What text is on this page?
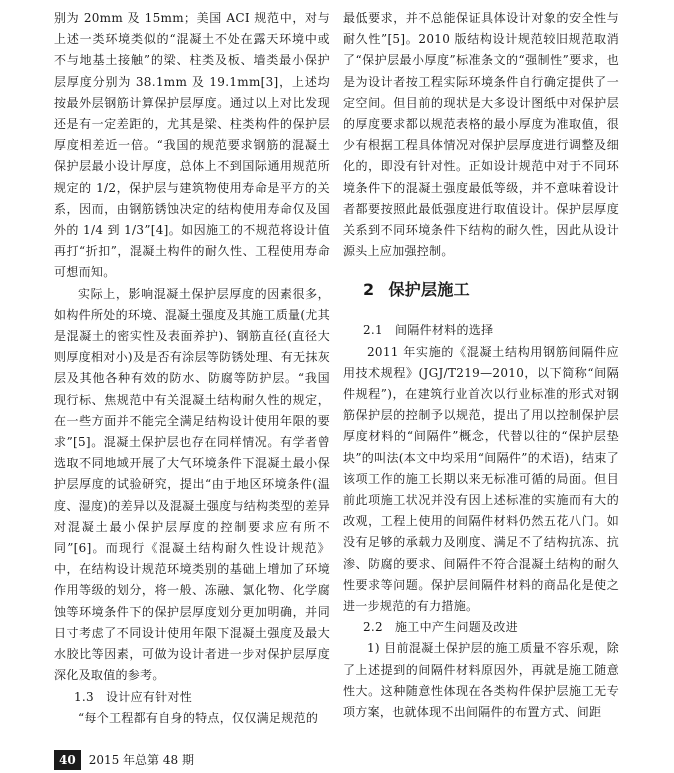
别为 20mm 及 15mm；美国 ACI 规范中，对与上述一类环境类似的“混凝土不处在露天环境中或不与地基土接触”的梁、柱类及板、墙类最小保护层厚度分别为 38.1mm 及 19.1mm[3]，上述均按最外层钢筋计算保护层厚度。通过以上对比发现还是有一定差距的，尤其是梁、柱类构件的保护层厚度相差近一倍。“我国的规范要求钢筋的混凝土保护层最小设计厚度，总体上不到国际通用规范所规定的 1/2，保护层与建筑物使用寿命是平方的关系，因而，由钢筋锈蚀决定的结构使用寿命仅及国外的 1/4 到 1/3”[4]。如因施工的不规范将设计值再打“折扣”，混凝土构件的耐久性、工程使用寿命可想而知。

实际上，影响混凝土保护层厚度的因素很多，如构件所处的环境、混凝土强度及其施工质量(尤其是混凝土的密实性及表面养护)、钢筋直径(直径大则厚度相对小)及是否有涂层等防锈处理、有无抹灰层及其他各种有效的防水、防腐等防护层。“我国现行标、焦规范中有关混凝土结构耐久性的规定，在一些方面并不能完全满足结构设计使用年限的要求”[5]。混凝土保护层也存在同样情况。有学者曾选取不同地域开展了大气环境条件下混凝土最小保护层厚度的试验研究，提出“由于地区环境条件(温度、湿度)的差异以及混凝土强度与结构类型的差异对混凝土最小保护层厚度的控制要求应有所不同”[6]。而现行《混凝土结构耐久性设计规范》中，在结构设计规范环境类别的基础上增加了环境作用等级的划分，将一般、冻融、氯化物、化学腐蚀等环境条件下的保护层厚度划分更加明确，并同日寸考虑了不同设计使用年限下混凝土强度及最大水胶比等因素，可做为设计者进一步对保护层厚度深化及取值的参考。

1.3 设计应有针对性

“每个工程都有自身的特点，仅仅满足规范的

最低要求，并不总能保证具体设计对象的安全性与耐久性”[5]。2010 版结构设计规范较旧规范取消了“保护层最小厚度”标准条文的“强制性”要求，也是为设计者按工程实际环境条件自行确定提供了一定空间。但目前的现状是大多设计图纸中对保护层的厚度要求都以规范表格的最小厚度为准取值，很少有根据工程具体情况对保护层厚度进行调整及细化的，即没有针对性。正如设计规范中对于不同环境条件下的混凝土强度最低等级，并不意味着设计者都要按照此最低强度进行取值设计。保护层厚度关系到不同环境条件下结构的耐久性，因此从设计源头上应加强控制。

2 保护层施工

2.1 间隔件材料的选择

2011 年实施的《混凝土结构用钢筋间隔件应用技术规程》(JGJ/T219—2010，以下简称“间隔件规程”)，在建筑行业首次以行业标准的形式对钢筋保护层的控制予以规范，提出了用以控制保护层厚度材料的“间隔件”概念，代替以往的“保护层垫块”的叫法(本文中均采用“间隔件”的术语)，结束了该项工作的施工长期以来无标准可循的局面。但目前此项施工状况并没有因上述标准的实施而有大的改观，工程上使用的间隔件材料仍然五花八门。如没有足够的承载力及刚度、满足不了结构抗冻、抗渗、防腐的要求、间隔件不符合混凝土结构的耐久性要求等问题。保护层间隔件材料的商品化是使之进一步规范的有力措施。

2.2 施工中产生问题及改进

1) 目前混凝土保护层的施工质量不容乐观，除了上述提到的间隔件材料原因外，再就是施工随意性大。这种随意性体现在各类构件保护层施工无专项方案，也就体现不出间隔件的布置方式、间距

40	2015 年总第 48 期
